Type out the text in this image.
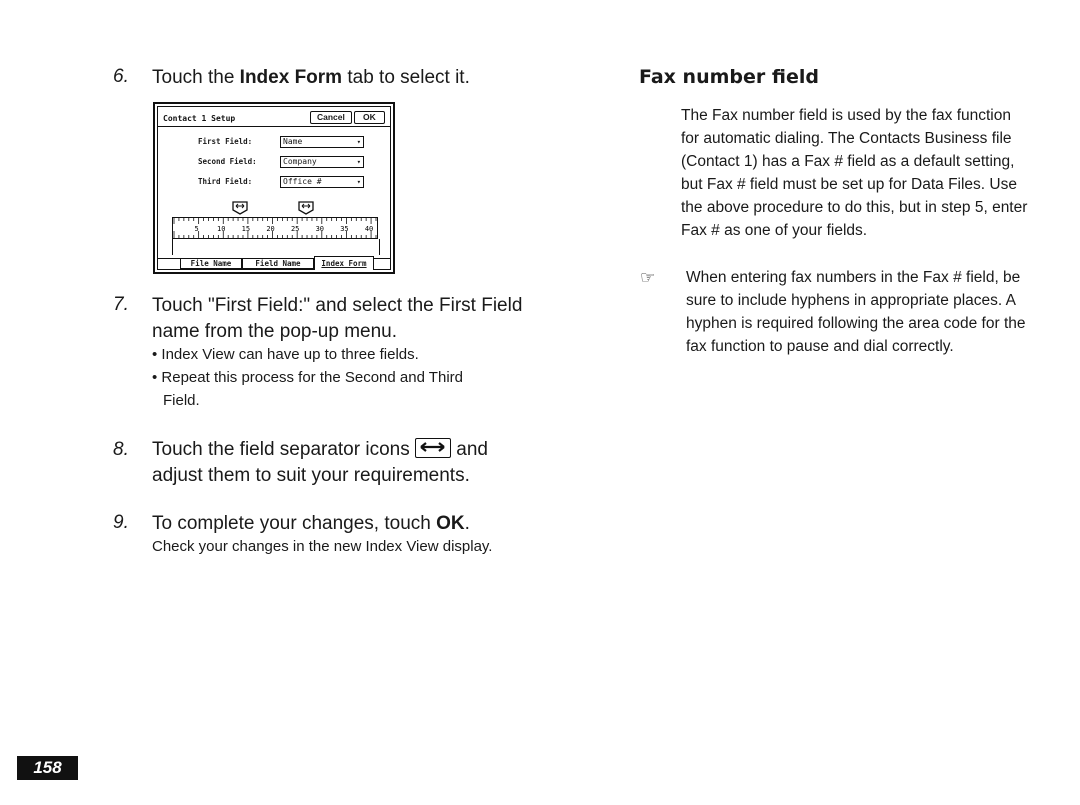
6. Touch the Index Form tab to select it.
Contact 1 Setup	Cancel	OK
First Field:	Name	▾
Second Field:	Company	▾
Third Field:	Office #	▾
5	10 15 20 25 30 35 40
File Name	Field Name	Index Form
7. Touch "First Field:" and select the First Field
name from the pop-up menu.
• Index View can have up to three fields.
• Repeat this process for the Second and Third
Field.
8. Touch the field separator icons
and
adjust them to suit your requirements.
9. To complete your changes, touch OK.
Check your changes in the new Index View display.
Fax number field
The Fax number field is used by the fax function
for automatic dialing. The Contacts Business file
(Contact 1) has a Fax # field as a default setting,
but Fax # field must be set up for Data Files. Use
the above procedure to do this, but in step 5, enter
Fax # as one of your fields.
☞ When entering fax numbers in the Fax # field, be
sure to include hyphens in appropriate places. A
hyphen is required following the area code for the
fax function to pause and dial correctly.
158
